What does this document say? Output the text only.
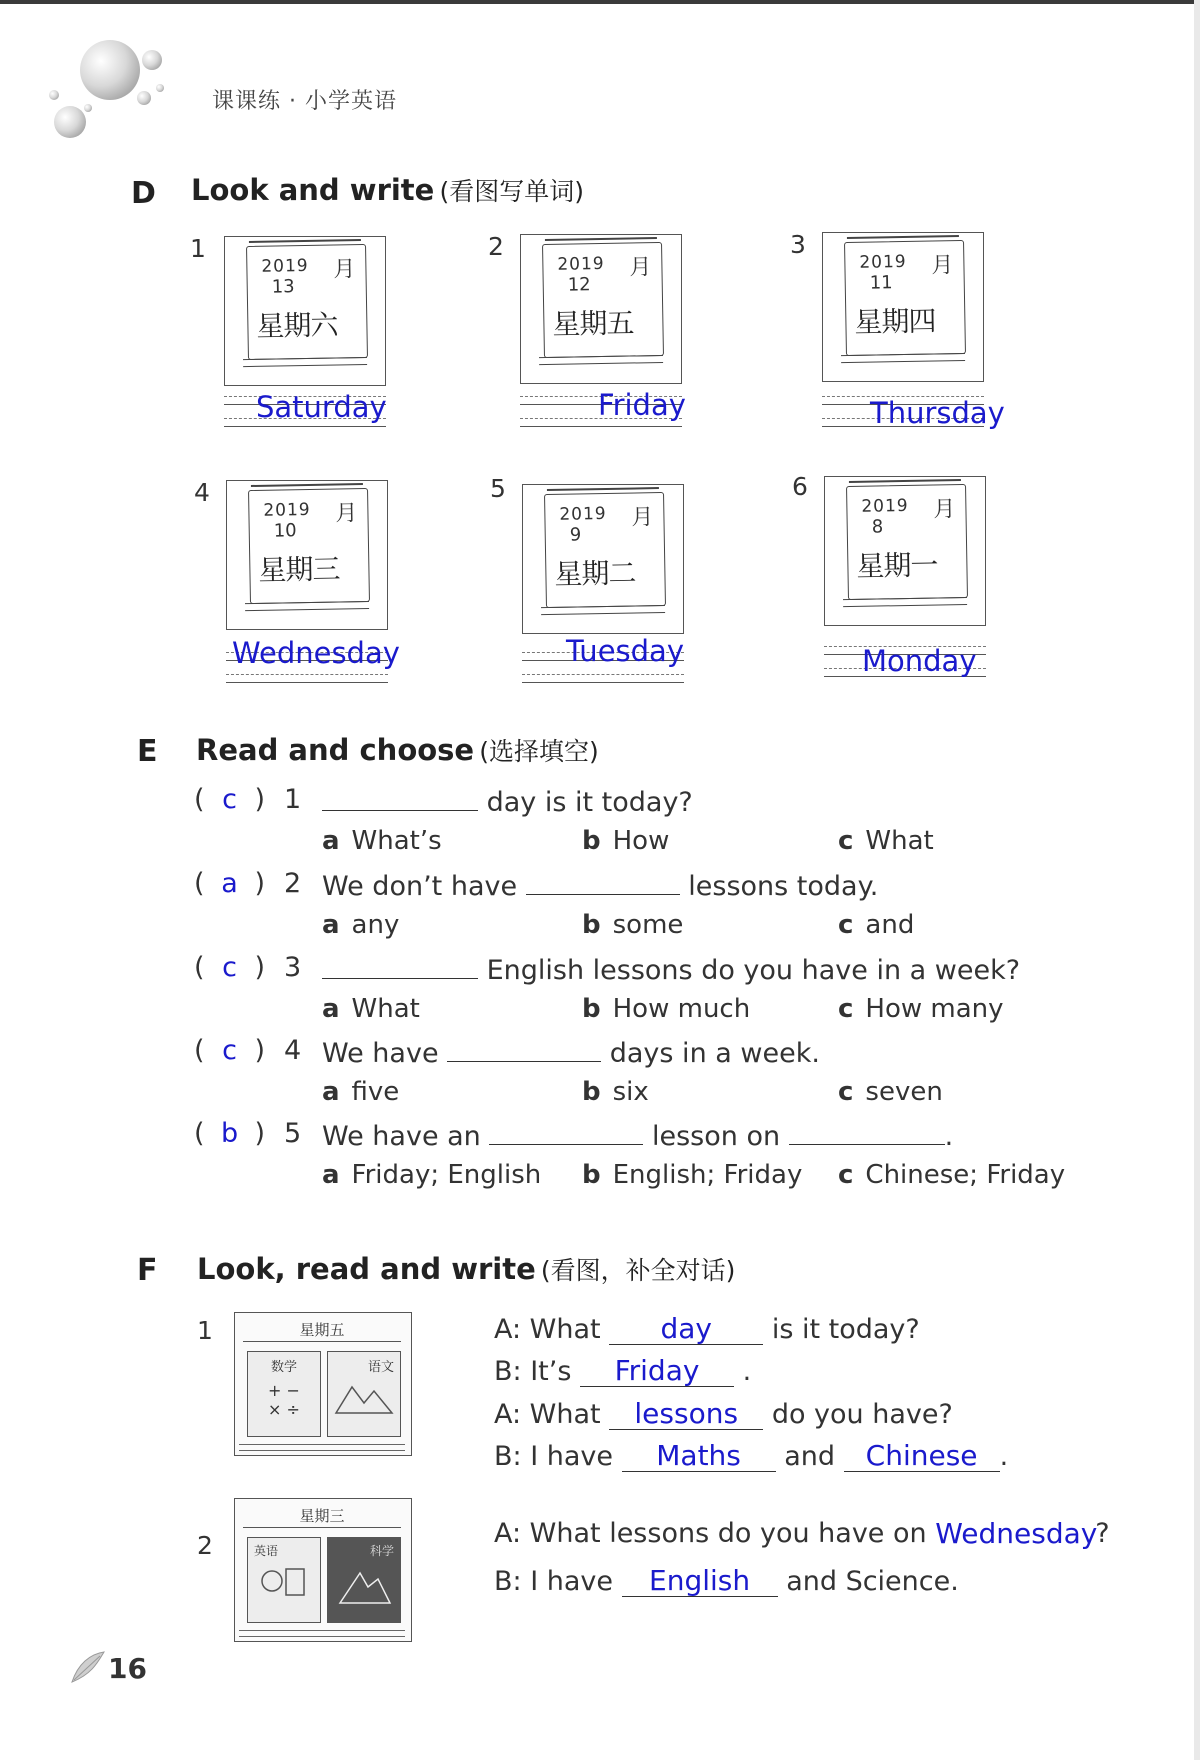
课课练 · 小学英语
D Look and write (看图写单词)
1
2019
13
月
星期六
Saturday
2
2019
12
月
星期五
Friday
3
2019
11
月
星期四
Thursday
4
2019
10
月
星期三
Wednesday
5
2019
9
月
星期二
Tuesday
6
2019
8
月
星期一
Monday
E Read and choose (选择填空)
( c ) 1	day is it today?
a What’s	b How	c What
( a ) 2 We don’t have	lessons today.
a any	b some	c and
( c ) 3	English lessons do you have in a week?
a What	b How much	c How many
( c ) 4 We have	days in a week.
a five	b six	c seven
( b ) 5 We have an	lesson on	.
a Friday; English b English; Friday c Chinese; Friday
F Look, read and write (看图，补全对话)
1	星期五
数学
+ −
× ÷
语文
A: What day is it today?
B: It’s Friday .
A: What lessons do you have?
B: I have Maths and Chinese .
2
星期三
英语	科学
A: What lessons do you have on Wednesday?
B: I have English and Science.
16
